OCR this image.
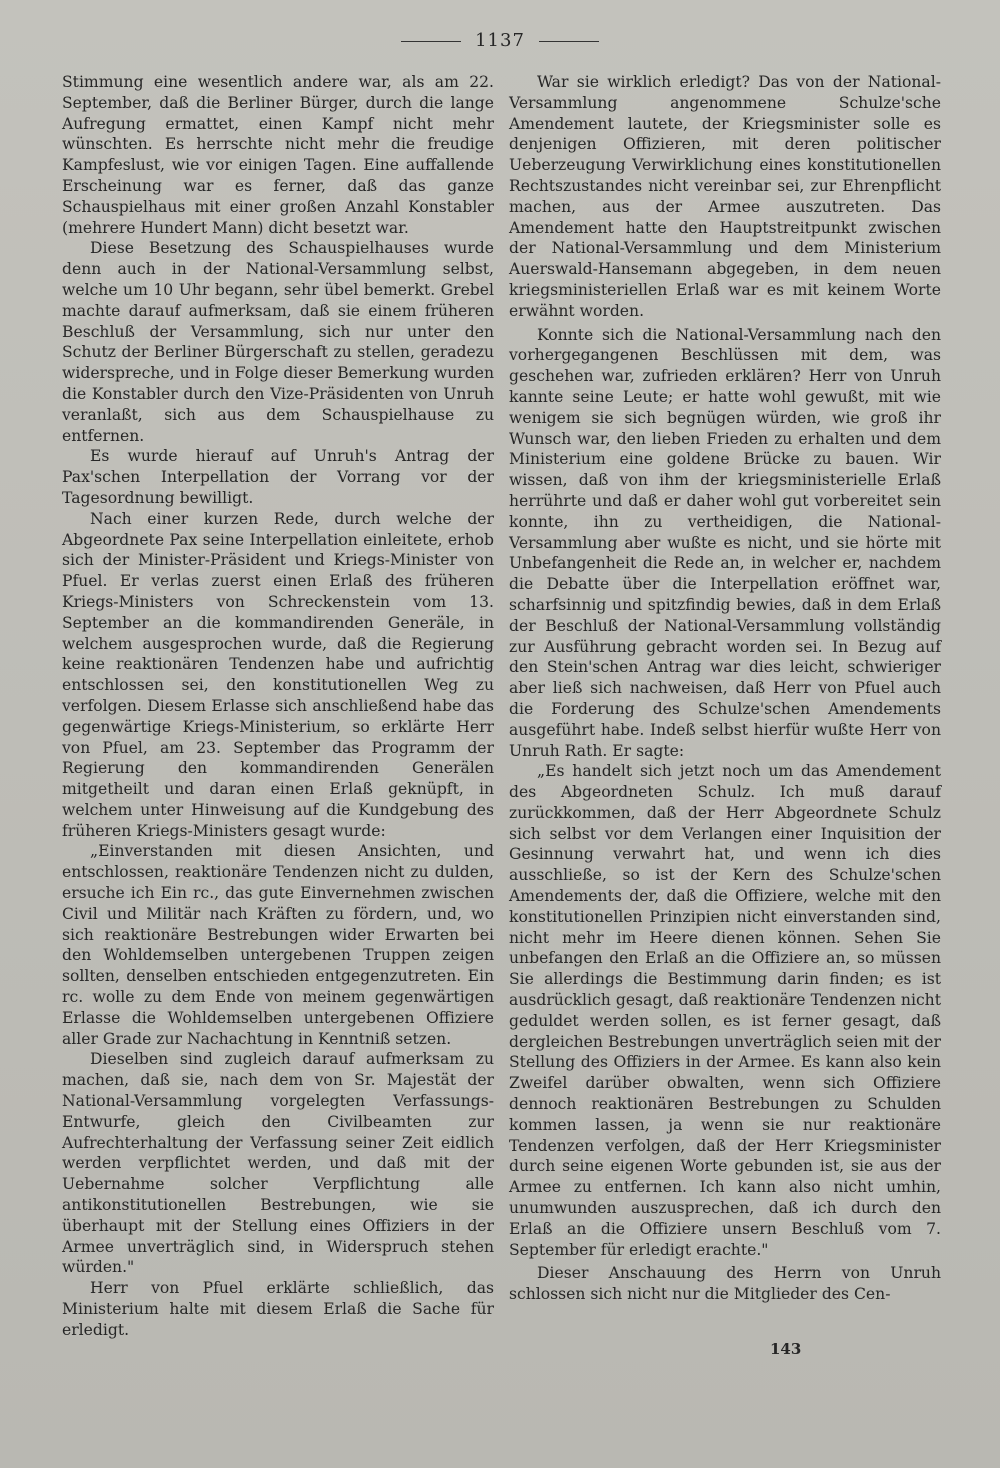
1137

Stimmung eine wesentlich andere war, als am 22. September, daß die Berliner Bürger, durch die lange Aufregung ermattet, einen Kampf nicht mehr wünschten. Es herrschte nicht mehr die freudige Kampfeslust, wie vor einigen Tagen. Eine auffallende Erscheinung war es ferner, daß das ganze Schauspielhaus mit einer großen Anzahl Konstabler (mehrere Hundert Mann) dicht besetzt war.

Diese Besetzung des Schauspielhauses wurde denn auch in der National-Versammlung selbst, welche um 10 Uhr begann, sehr übel bemerkt. Grebel machte darauf aufmerksam, daß sie einem früheren Beschluß der Versammlung, sich nur unter den Schutz der Berliner Bürgerschaft zu stellen, geradezu widerspreche, und in Folge dieser Bemerkung wurden die Konstabler durch den Vize-Präsidenten von Unruh veranlaßt, sich aus dem Schauspielhause zu entfernen.

Es wurde hierauf auf Unruh's Antrag der Pax'schen Interpellation der Vorrang vor der Tagesordnung bewilligt.

Nach einer kurzen Rede, durch welche der Abgeordnete Pax seine Interpellation einleitete, erhob sich der Minister-Präsident und Kriegs-Minister von Pfuel. Er verlas zuerst einen Erlaß des früheren Kriegs-Ministers von Schreckenstein vom 13. September an die kommandirenden Generäle, in welchem ausgesprochen wurde, daß die Regierung keine reaktionären Tendenzen habe und aufrichtig entschlossen sei, den konstitutionellen Weg zu verfolgen. Diesem Erlasse sich anschließend habe das gegenwärtige Kriegs-Ministerium, so erklärte Herr von Pfuel, am 23. September das Programm der Regierung den kommandirenden Generälen mitgetheilt und daran einen Erlaß geknüpft, in welchem unter Hinweisung auf die Kundgebung des früheren Kriegs-Ministers gesagt wurde:

„Einverstanden mit diesen Ansichten, und entschlossen, reaktionäre Tendenzen nicht zu dulden, ersuche ich Ein rc., das gute Einvernehmen zwischen Civil und Militär nach Kräften zu fördern, und, wo sich reaktionäre Bestrebungen wider Erwarten bei den Wohldemselben untergebenen Truppen zeigen sollten, denselben entschieden entgegenzutreten. Ein rc. wolle zu dem Ende von meinem gegenwärtigen Erlasse die Wohldemselben untergebenen Offiziere aller Grade zur Nachachtung in Kenntniß setzen.

Dieselben sind zugleich darauf aufmerksam zu machen, daß sie, nach dem von Sr. Majestät der National-Versammlung vorgelegten Verfassungs-Entwurfe, gleich den Civilbeamten zur Aufrechterhaltung der Verfassung seiner Zeit eidlich werden verpflichtet werden, und daß mit der Uebernahme solcher Verpflichtung alle antikonstitutionellen Bestrebungen, wie sie überhaupt mit der Stellung eines Offiziers in der Armee unverträglich sind, in Widerspruch stehen würden."

Herr von Pfuel erklärte schließlich, das Ministerium halte mit diesem Erlaß die Sache für erledigt.

War sie wirklich erledigt? Das von der National-Versammlung angenommene Schulze'sche Amendement lautete, der Kriegsminister solle es denjenigen Offizieren, mit deren politischer Ueberzeugung Verwirklichung eines konstitutionellen Rechtszustandes nicht vereinbar sei, zur Ehrenpflicht machen, aus der Armee auszutreten. Das Amendement hatte den Hauptstreitpunkt zwischen der National-Versammlung und dem Ministerium Auerswald-Hansemann abgegeben, in dem neuen kriegsministeriellen Erlaß war es mit keinem Worte erwähnt worden.

Konnte sich die National-Versammlung nach den vorhergegangenen Beschlüssen mit dem, was geschehen war, zufrieden erklären? Herr von Unruh kannte seine Leute; er hatte wohl gewußt, mit wie wenigem sie sich begnügen würden, wie groß ihr Wunsch war, den lieben Frieden zu erhalten und dem Ministerium eine goldene Brücke zu bauen. Wir wissen, daß von ihm der kriegsministerielle Erlaß herrührte und daß er daher wohl gut vorbereitet sein konnte, ihn zu vertheidigen, die National-Versammlung aber wußte es nicht, und sie hörte mit Unbefangenheit die Rede an, in welcher er, nachdem die Debatte über die Interpellation eröffnet war, scharfsinnig und spitzfindig bewies, daß in dem Erlaß der Beschluß der National-Versammlung vollständig zur Ausführung gebracht worden sei. In Bezug auf den Stein'schen Antrag war dies leicht, schwieriger aber ließ sich nachweisen, daß Herr von Pfuel auch die Forderung des Schulze'schen Amendements ausgeführt habe. Indeß selbst hierfür wußte Herr von Unruh Rath. Er sagte:

„Es handelt sich jetzt noch um das Amendement des Abgeordneten Schulz. Ich muß darauf zurückkommen, daß der Herr Abgeordnete Schulz sich selbst vor dem Verlangen einer Inquisition der Gesinnung verwahrt hat, und wenn ich dies ausschließe, so ist der Kern des Schulze'schen Amendements der, daß die Offiziere, welche mit den konstitutionellen Prinzipien nicht einverstanden sind, nicht mehr im Heere dienen können. Sehen Sie unbefangen den Erlaß an die Offiziere an, so müssen Sie allerdings die Bestimmung darin finden; es ist ausdrücklich gesagt, daß reaktionäre Tendenzen nicht geduldet werden sollen, es ist ferner gesagt, daß dergleichen Bestrebungen unverträglich seien mit der Stellung des Offiziers in der Armee. Es kann also kein Zweifel darüber obwalten, wenn sich Offiziere dennoch reaktionären Bestrebungen zu Schulden kommen lassen, ja wenn sie nur reaktionäre Tendenzen verfolgen, daß der Herr Kriegsminister durch seine eigenen Worte gebunden ist, sie aus der Armee zu entfernen. Ich kann also nicht umhin, unumwunden auszusprechen, daß ich durch den Erlaß an die Offiziere unsern Beschluß vom 7. September für erledigt erachte."

Dieser Anschauung des Herrn von Unruh schlossen sich nicht nur die Mitglieder des Cen-

143
